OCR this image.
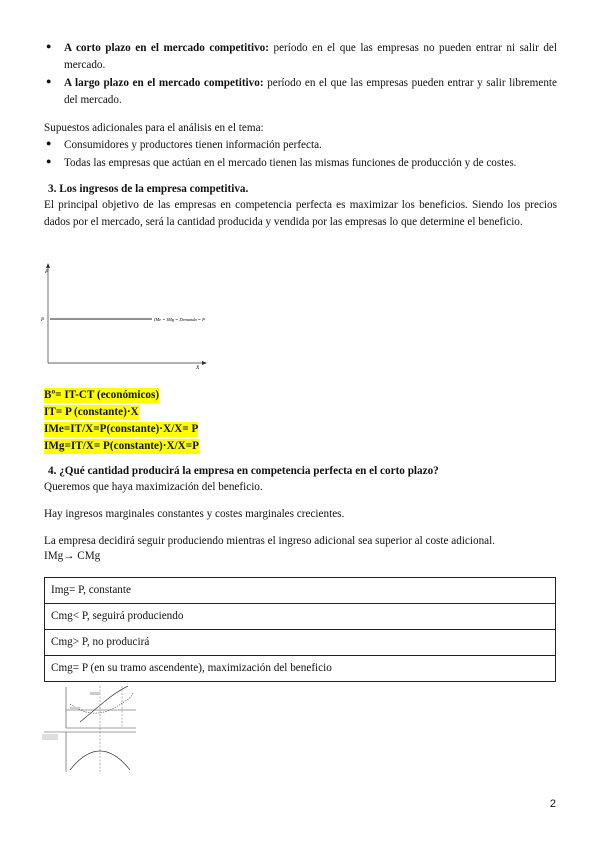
● A corto plazo en el mercado competitivo: período en el que las empresas no pueden entrar ni salir del mercado.
● A largo plazo en el mercado competitivo: período en el que las empresas pueden entrar y salir libremente del mercado.
Supuestos adicionales para el análisis en el tema:
● Consumidores y productores tienen información perfecta.
● Todas las empresas que actúan en el mercado tienen las mismas funciones de producción y de costes.
3. Los ingresos de la empresa competitiva.
El principal objetivo de las empresas en competencia perfecta es maximizar los beneficios. Siendo los precios dados por el mercado, será la cantidad producida y vendida por las empresas lo que determine el beneficio.
P
X
P	IMe = IMg = Demanda = P
Bº= IT-CT (económicos)
IT= P (constante)·X
IMe=IT/X=P(constante)·X/X= P
IMg=IT/X= P(constante)·X/X=P
4. ¿Qué cantidad producirá la empresa en competencia perfecta en el corto plazo?
Queremos que haya maximización del beneficio.
Hay ingresos marginales constantes y costes marginales crecientes.
La empresa decidirá seguir produciendo mientras el ingreso adicional sea superior al coste adicional.
IMg→ CMg
Img= P, constante
Cmg< P, seguirá produciendo
Cmg> P, no producirá
Cmg= P (en su tramo ascendente), maximización del beneficio
2
